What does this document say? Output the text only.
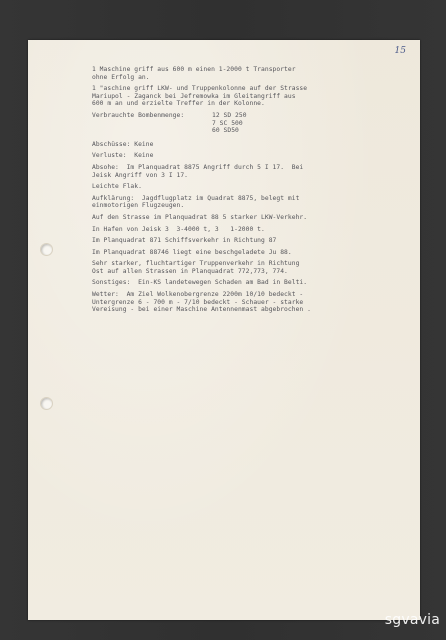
15

1 Maschine griff aus 600 m einen 1-2000 t Transporter

ohne Erfolg an.

1 "aschine griff LKW- und Truppenkolonne auf der Strasse

Mariupol - Zaganck bei Jefremowka im Gleitangriff aus

600 m an und erzielte Treffer in der Kolonne.

Verbrauchte Bombenmenge:	12 SD 250
7 SC 500
60 SD50

Abschüsse: Keine

Verluste:  Keine

Absohe:  Im Planquadrat 8875 Angriff durch 5 I 17.  Bei

Jeisk Angriff von 3 I 17.

Leichte Flak.

Aufklärung:  Jagdflugplatz im Quadrat 8875, belegt mit

einmotorigen Flugzeugen.

Auf den Strasse im Planquadrat 88 5 starker LKW-Verkehr.

In Hafen von Jeisk 3  3-4000 t, 3   1-2000 t.

Im Planquadrat 871 Schiffsverkehr in Richtung 87

Im Planquadrat 88746 liegt eine beschgeladete Ju 88.

Sehr starker, fluchtartiger Truppenverkehr in Richtung

Ost auf allen Strassen in Planquadrat 772,773, 774.

Sonstiges:  Ein-KS landetewegen Schaden am Bad in Belti.

Wetter:  Am Ziel Wolkenobergrenze 2200m 10/10 bedeckt -

Untergrenze 6 - 700 m - 7/10 bedeckt - Schauer - starke

Vereisung - bei einer Maschine Antennenmast abgebrochen .

sgvavia
